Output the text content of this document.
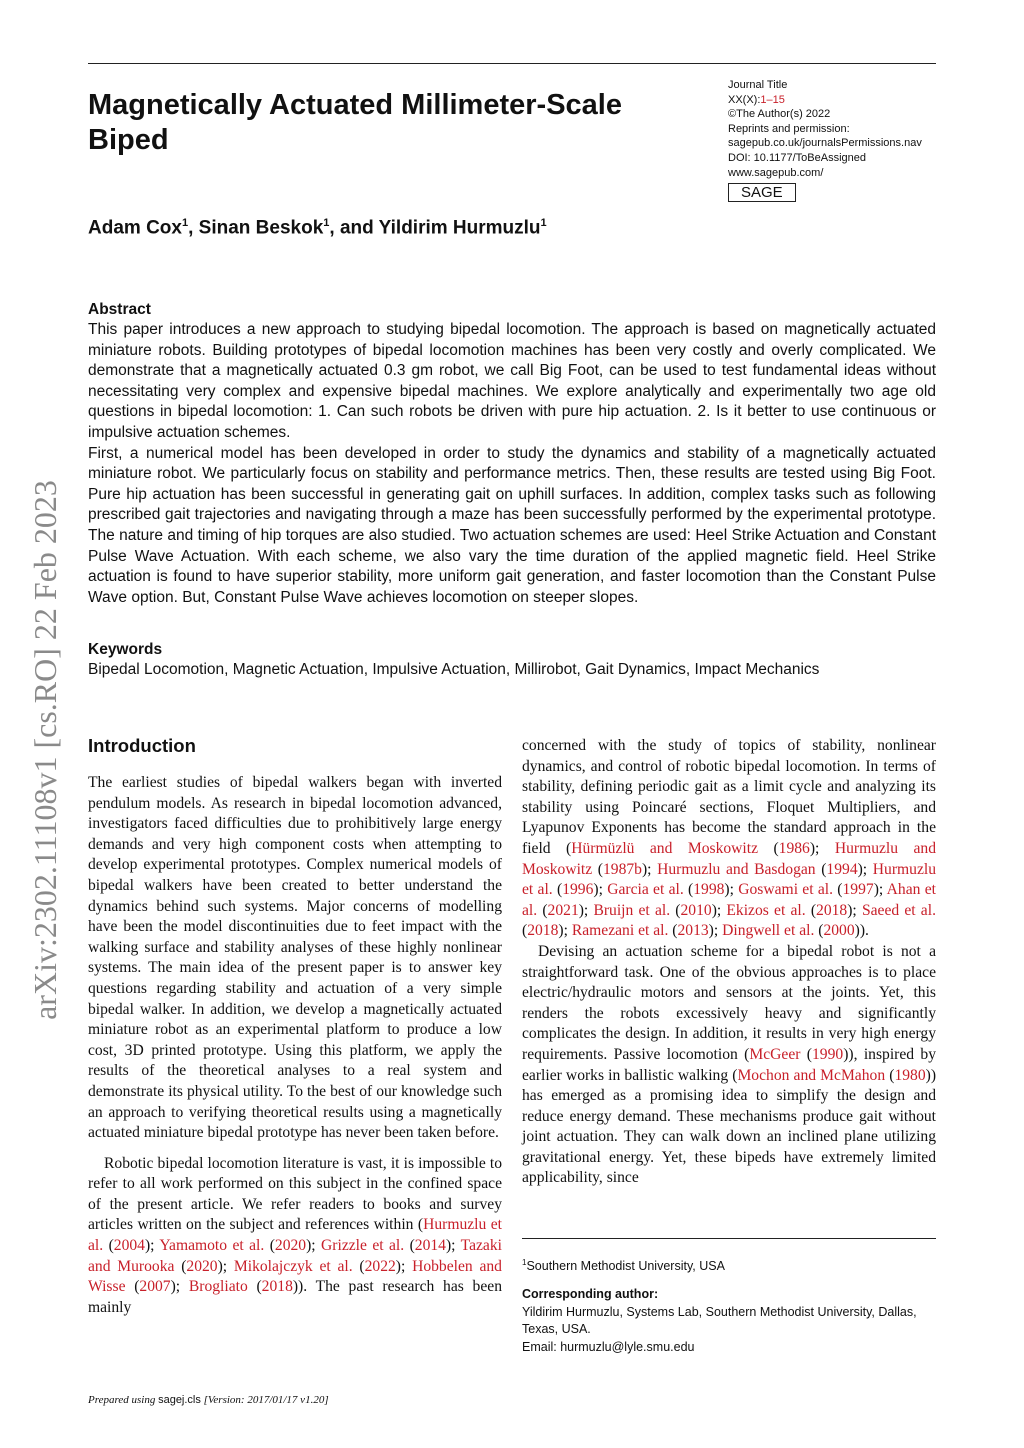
arXiv:2302.11108v1 [cs.RO] 22 Feb 2023
Magnetically Actuated Millimeter-Scale Biped
Adam Cox$^1$, Sinan Beskok$^1$, and Yildirim Hurmuzlu$^1$
Journal Title
XX(X):1–15
©The Author(s) 2022
Reprints and permission:
sagepub.co.uk/journalsPermissions.nav
DOI: 10.1177/ToBeAssigned
www.sagepub.com/
SAGE
Abstract

This paper introduces a new approach to studying bipedal locomotion. The approach is based on magnetically actuated miniature robots. Building prototypes of bipedal locomotion machines has been very costly and overly complicated. We demonstrate that a magnetically actuated 0.3 gm robot, we call Big Foot, can be used to test fundamental ideas without necessitating very complex and expensive bipedal machines. We explore analytically and experimentally two age old questions in bipedal locomotion: 1. Can such robots be driven with pure hip actuation. 2. Is it better to use continuous or impulsive actuation schemes.

First, a numerical model has been developed in order to study the dynamics and stability of a magnetically actuated miniature robot. We particularly focus on stability and performance metrics. Then, these results are tested using Big Foot. Pure hip actuation has been successful in generating gait on uphill surfaces. In addition, complex tasks such as following prescribed gait trajectories and navigating through a maze has been successfully performed by the experimental prototype. The nature and timing of hip torques are also studied. Two actuation schemes are used: Heel Strike Actuation and Constant Pulse Wave Actuation. With each scheme, we also vary the time duration of the applied magnetic field. Heel Strike actuation is found to have superior stability, more uniform gait generation, and faster locomotion than the Constant Pulse Wave option. But, Constant Pulse Wave achieves locomotion on steeper slopes.

Keywords

Bipedal Locomotion, Magnetic Actuation, Impulsive Actuation, Millirobot, Gait Dynamics, Impact Mechanics

Introduction

The earliest studies of bipedal walkers began with inverted pendulum models. As research in bipedal locomotion advanced, investigators faced difficulties due to prohibitively large energy demands and very high component costs when attempting to develop experimental prototypes. Complex numerical models of bipedal walkers have been created to better understand the dynamics behind such systems. Major concerns of modelling have been the model discontinuities due to feet impact with the walking surface and stability analyses of these highly nonlinear systems. The main idea of the present paper is to answer key questions regarding stability and actuation of a very simple bipedal walker. In addition, we develop a magnetically actuated miniature robot as an experimental platform to produce a low cost, 3D printed prototype. Using this platform, we apply the results of the theoretical analyses to a real system and demonstrate its physical utility. To the best of our knowledge such an approach to verifying theoretical results using a magnetically actuated miniature bipedal prototype has never been taken before.

Robotic bipedal locomotion literature is vast, it is impossible to refer to all work performed on this subject in the confined space of the present article. We refer readers to books and survey articles written on the subject and references within (Hurmuzlu et al. (2004); Yamamoto et al. (2020); Grizzle et al. (2014); Tazaki and Murooka (2020); Mikolajczyk et al. (2022); Hobbelen and Wisse (2007); Brogliato (2018)). The past research has been mainly

concerned with the study of topics of stability, nonlinear dynamics, and control of robotic bipedal locomotion. In terms of stability, defining periodic gait as a limit cycle and analyzing its stability using Poincaré sections, Floquet Multipliers, and Lyapunov Exponents has become the standard approach in the field (Hürmüzlü and Moskowitz (1986); Hurmuzlu and Moskowitz (1987b); Hurmuzlu and Basdogan (1994); Hurmuzlu et al. (1996); Garcia et al. (1998); Goswami et al. (1997); Ahan et al. (2021); Bruijn et al. (2010); Ekizos et al. (2018); Saeed et al. (2018); Ramezani et al. (2013); Dingwell et al. (2000)).

Devising an actuation scheme for a bipedal robot is not a straightforward task. One of the obvious approaches is to place electric/hydraulic motors and sensors at the joints. Yet, this renders the robots excessively heavy and significantly complicates the design. In addition, it results in very high energy requirements. Passive locomotion (McGeer (1990)), inspired by earlier works in ballistic walking (Mochon and McMahon (1980)) has emerged as a promising idea to simplify the design and reduce energy demand. These mechanisms produce gait without joint actuation. They can walk down an inclined plane utilizing gravitational energy. Yet, these bipeds have extremely limited applicability, since

$^1$Southern Methodist University, USA
Corresponding author:
Yildirim Hurmuzlu, Systems Lab, Southern Methodist University, Dallas, Texas, USA.
Email: hurmuzlu@lyle.smu.edu
Prepared using sagej.cls [Version: 2017/01/17 v1.20]
